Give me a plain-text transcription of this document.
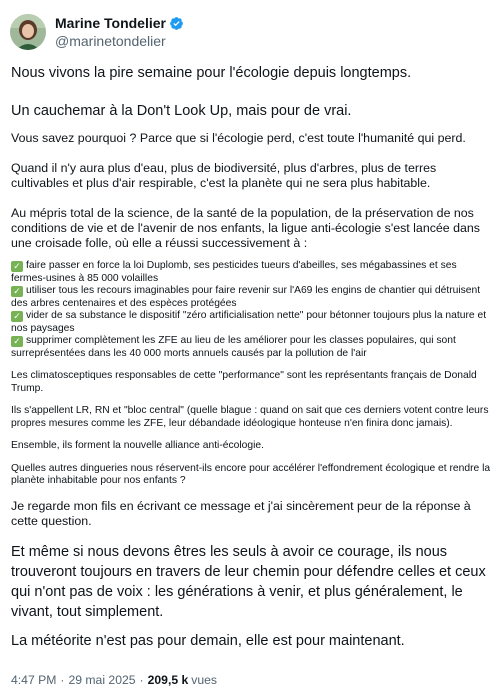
Marine Tondelier
@marinetondelier

Nous vivons la pire semaine pour l'écologie depuis longtemps.

Un cauchemar à la Don't Look Up, mais pour de vrai.

Vous savez pourquoi ? Parce que si l'écologie perd, c'est toute l'humanité qui perd.

Quand il n'y aura plus d'eau, plus de biodiversité, plus d'arbres, plus de terres cultivables et plus d'air respirable, c'est la planète qui ne sera plus habitable.

Au mépris total de la science, de la santé de la population, de la préservation de nos conditions de vie et de l'avenir de nos enfants, la ligue anti-écologie s'est lancée dans une croisade folle, où elle a réussi successivement à :

✓ faire passer en force la loi Duplomb, ses pesticides tueurs d'abeilles, ses mégabassines et ses fermes-usines à 85 000 volailles

✓ utiliser tous les recours imaginables pour faire revenir sur l'A69 les engins de chantier qui détruisent des arbres centenaires et des espèces protégées

✓ vider de sa substance le dispositif "zéro artificialisation nette" pour bétonner toujours plus la nature et nos paysages

✓ supprimer complètement les ZFE au lieu de les améliorer pour les classes populaires, qui sont surreprésentées dans les 40 000 morts annuels causés par la pollution de l'air

Les climatosceptiques responsables de cette "performance" sont les représentants français de Donald Trump.

Ils s'appellent LR, RN et "bloc central" (quelle blague : quand on sait que ces derniers votent contre leurs propres mesures comme les ZFE, leur débandade idéologique honteuse n'en finira donc jamais).

Ensemble, ils forment la nouvelle alliance anti-écologie.

Quelles autres dingueries nous réservent-ils encore pour accélérer l'effondrement écologique et rendre la planète inhabitable pour nos enfants ?

Je regarde mon fils en écrivant ce message et j'ai sincèrement peur de la réponse à cette question.

Et même si nous devons êtres les seuls à avoir ce courage, ils nous trouveront toujours en travers de leur chemin pour défendre celles et ceux qui n'ont pas de voix : les générations à venir, et plus généralement, le vivant, tout simplement.

La météorite n'est pas pour demain, elle est pour maintenant.

4:47 PM · 29 mai 2025 · 209,5 k vues
